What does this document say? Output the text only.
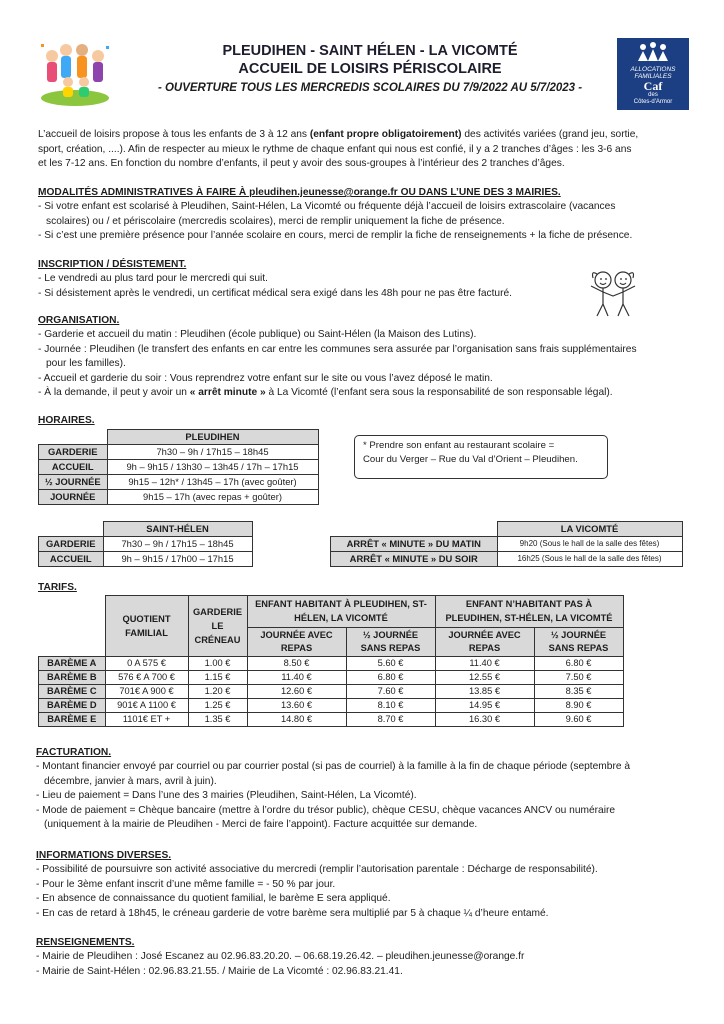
PLEUDIHEN - SAINT HÉLEN - LA VICOMTÉ
ACCUEIL DE LOISIRS PÉRISCOLAIRE
- OUVERTURE TOUS LES MERCREDIS SCOLAIRES DU 7/9/2022 AU 5/7/2023 -
ALLOCATIONS FAMILIALES
Caf
des
Côtes-d'Armor

L’accueil de loisirs propose à tous les enfants de 3 à 12 ans (enfant propre obligatoirement) des activités variées (grand jeu, sortie,

sport, création, ....). Afin de respecter au mieux le rythme de chaque enfant qui nous est confié, il y a 2 tranches d’âges : les 3-6 ans

et les 7-12 ans. En fonction du nombre d’enfants, il peut y avoir des sous-groupes à l’intérieur des 2 tranches d’âges.

MODALITÉS ADMINISTRATIVES À FAIRE À pleudihen.jeunesse@orange.fr OU DANS L’UNE DES 3 MAIRIES.

- Si votre enfant est scolarisé à Pleudihen, Saint-Hélen, La Vicomté ou fréquente déjà l’accueil de loisirs extrascolaire (vacances

scolaires) ou / et périscolaire (mercredis scolaires), merci de remplir uniquement la fiche de présence.

- Si c’est une première présence pour l’année scolaire en cours, merci de remplir la fiche de renseignements + la fiche de présence.

INSCRIPTION / DÉSISTEMENT.

- Le vendredi au plus tard pour le mercredi qui suit.

- Si désistement après le vendredi, un certificat médical sera exigé dans les 48h pour ne pas être facturé.

ORGANISATION.

- Garderie et accueil du matin : Pleudihen (école publique) ou Saint-Hélen (la Maison des Lutins).

- Journée : Pleudihen (le transfert des enfants en car entre les communes sera assurée par l’organisation sans frais supplémentaires

pour les familles).

- Accueil et garderie du soir : Vous reprendrez votre enfant sur le site ou vous l’avez déposé le matin.

- À la demande, il peut y avoir un « arrêt minute » à La Vicomté (l’enfant sera sous la responsabilité de son responsable légal).

HORAIRES.
	PLEUDIHEN
GARDERIE	7h30 – 9h / 17h15 – 18h45
ACCUEIL	9h – 9h15 / 13h30 – 13h45 / 17h – 17h15
½ JOURNÉE	9h15 – 12h* / 13h45 – 17h (avec goûter)
JOURNÉE	9h15 – 17h (avec repas + goûter)
* Prendre son enfant au restaurant scolaire =
Cour du Verger – Rue du Val d’Orient – Pleudihen.
	SAINT-HÉLEN
GARDERIE	7h30 – 9h / 17h15 – 18h45
ACCUEIL	9h – 9h15 / 17h00 – 17h15
	LA VICOMTÉ
ARRÊT « MINUTE » DU MATIN	9h20 (Sous le hall de la salle des fêtes)
ARRÊT « MINUTE » DU SOIR	16h25 (Sous le hall de la salle des fêtes)
TARIFS.
	QUOTIENT FAMILIAL	GARDERIE LE CRÉNEAU	ENFANT HABITANT À PLEUDIHEN, ST-HÉLEN, LA VICOMTÉ		ENFANT N’HABITANT PAS À PLEUDIHEN, ST-HÉLEN, LA VICOMTÉ	
			JOURNÉE AVEC REPAS	½ JOURNÉE SANS REPAS	JOURNÉE AVEC REPAS	½ JOURNÉE SANS REPAS
BARÈME A	0 A 575 €	1.00 €	8.50 €	5.60 €	11.40 €	6.80 €
BARÈME B	576 € A 700 €	1.15 €	11.40 €	6.80 €	12.55 €	7.50 €
BARÈME C	701€ A 900 €	1.20 €	12.60 €	7.60 €	13.85 €	8.35 €
BARÈME D	901€ A 1100 €	1.25 €	13.60 €	8.10 €	14.95 €	8.90 €
BARÈME E	1101€ ET +	1.35 €	14.80 €	8.70 €	16.30 €	9.60 €
FACTURATION.

- Montant financier envoyé par courriel ou par courrier postal (si pas de courriel) à la famille à la fin de chaque période (septembre à

décembre, janvier à mars, avril à juin).

- Lieu de paiement = Dans l’une des 3 mairies (Pleudihen, Saint-Hélen, La Vicomté).

- Mode de paiement = Chèque bancaire (mettre à l’ordre du trésor public), chèque CESU, chèque vacances ANCV ou numéraire

(uniquement à la mairie de Pleudihen - Merci de faire l’appoint). Facture acquittée sur demande.

INFORMATIONS DIVERSES.

- Possibilité de poursuivre son activité associative du mercredi (remplir l’autorisation parentale : Décharge de responsabilité).

- Pour le 3ème enfant inscrit d’une même famille = - 50 % par jour.

- En absence de connaissance du quotient familial, le barème E sera appliqué.

- En cas de retard à 18h45, le créneau garderie de votre barème sera multiplié par 5 à chaque ¼ d’heure entamé.

RENSEIGNEMENTS.

- Mairie de Pleudihen : José Escanez au 02.96.83.20.20. – 06.68.19.26.42. – pleudihen.jeunesse@orange.fr

- Mairie de Saint-Hélen : 02.96.83.21.55. / Mairie de La Vicomté : 02.96.83.21.41.
